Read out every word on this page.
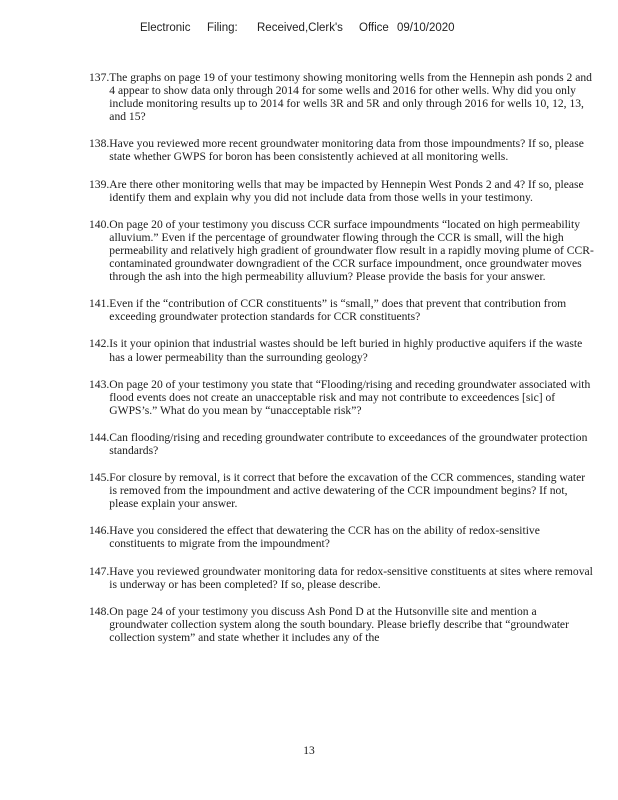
Electronic Filing: Received,Clerk's Office 09/10/2020
137. The graphs on page 19 of your testimony showing monitoring wells from the Hennepin ash ponds 2 and 4 appear to show data only through 2014 for some wells and 2016 for other wells. Why did you only include monitoring results up to 2014 for wells 3R and 5R and only through 2016 for wells 10, 12, 13, and 15?
138. Have you reviewed more recent groundwater monitoring data from those impoundments? If so, please state whether GWPS for boron has been consistently achieved at all monitoring wells.
139. Are there other monitoring wells that may be impacted by Hennepin West Ponds 2 and 4? If so, please identify them and explain why you did not include data from those wells in your testimony.
140. On page 20 of your testimony you discuss CCR surface impoundments “located on high permeability alluvium.” Even if the percentage of groundwater flowing through the CCR is small, will the high permeability and relatively high gradient of groundwater flow result in a rapidly moving plume of CCR-contaminated groundwater downgradient of the CCR surface impoundment, once groundwater moves through the ash into the high permeability alluvium? Please provide the basis for your answer.
141. Even if the “contribution of CCR constituents” is “small,” does that prevent that contribution from exceeding groundwater protection standards for CCR constituents?
142. Is it your opinion that industrial wastes should be left buried in highly productive aquifers if the waste has a lower permeability than the surrounding geology?
143. On page 20 of your testimony you state that “Flooding/rising and receding groundwater associated with flood events does not create an unacceptable risk and may not contribute to exceedences [sic] of GWPS’s.” What do you mean by “unacceptable risk”?
144. Can flooding/rising and receding groundwater contribute to exceedances of the groundwater protection standards?
145. For closure by removal, is it correct that before the excavation of the CCR commences, standing water is removed from the impoundment and active dewatering of the CCR impoundment begins? If not, please explain your answer.
146. Have you considered the effect that dewatering the CCR has on the ability of redox-sensitive constituents to migrate from the impoundment?
147. Have you reviewed groundwater monitoring data for redox-sensitive constituents at sites where removal is underway or has been completed? If so, please describe.
148. On page 24 of your testimony you discuss Ash Pond D at the Hutsonville site and mention a groundwater collection system along the south boundary. Please briefly describe that “groundwater collection system” and state whether it includes any of the
13
